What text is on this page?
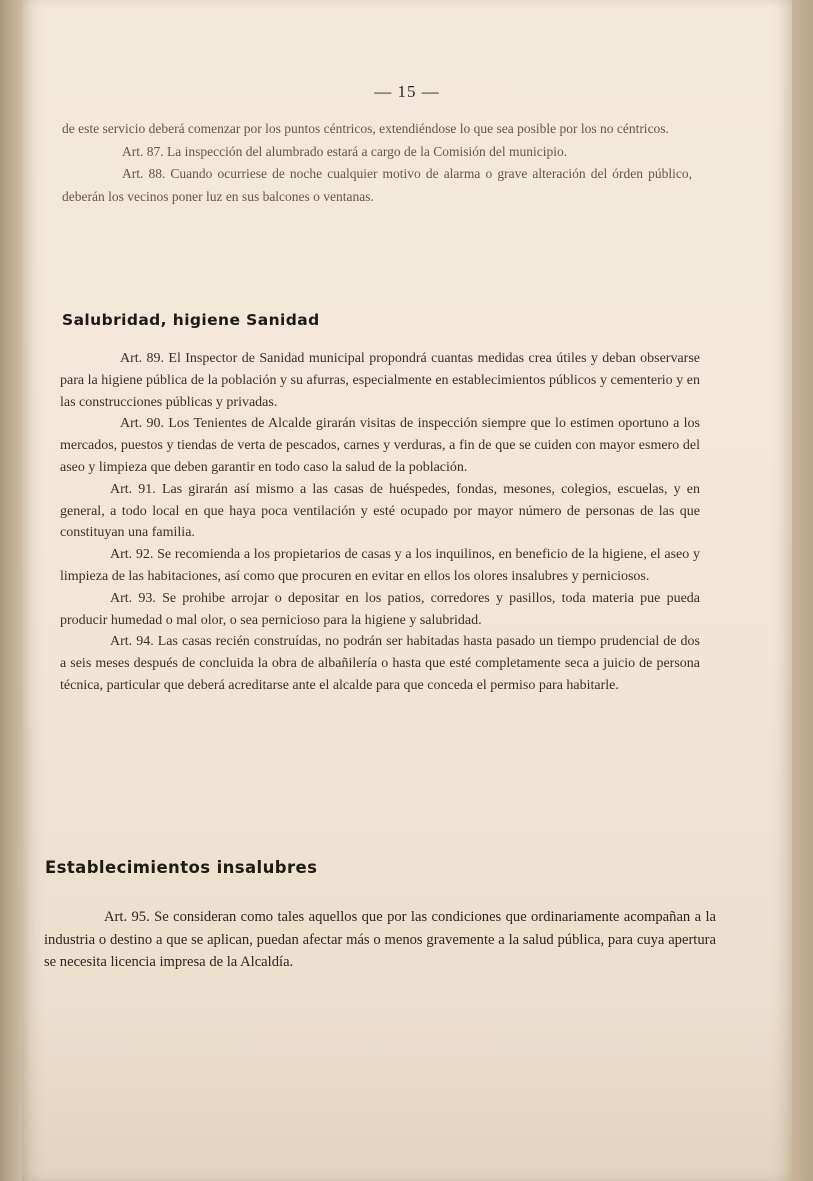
— 15 —

de este servicio deberá comenzar por los puntos céntricos, extendiéndose lo que sea posible por los no céntricos.

Art. 87. La inspección del alumbrado estará a cargo de la Comisión del municipio.

Art. 88. Cuando ocurriese de noche cualquier motivo de alarma o grave alteración del órden público, deberán los vecinos poner luz en sus balcones o ventanas.

Salubridad, higiene Sanidad

Art. 89. El Inspector de Sanidad municipal propondrá cuantas medidas crea útiles y deban observarse para la higiene pública de la población y su afurras, especialmente en establecimientos públicos y cementerio y en las construcciones públicas y privadas.

Art. 90. Los Tenientes de Alcalde girarán visitas de inspección siempre que lo estimen oportuno a los mercados, puestos y tiendas de verta de pescados, carnes y verduras, a fin de que se cuiden con mayor esmero del aseo y limpieza que deben garantir en todo caso la salud de la población.

Art. 91. Las girarán así mismo a las casas de huéspedes, fondas, mesones, colegios, escuelas, y en general, a todo local en que haya poca ventilación y esté ocupado por mayor número de personas de las que constituyan una familia.

Art. 92. Se recomienda a los propietarios de casas y a los inquilinos, en beneficio de la higiene, el aseo y limpieza de las habitaciones, así como que procuren en evitar en ellos los olores insalubres y perniciosos.

Art. 93. Se prohibe arrojar o depositar en los patios, corredores y pasillos, toda materia pue pueda producir humedad o mal olor, o sea pernicioso para la higiene y salubridad.

Art. 94. Las casas recién construídas, no podrán ser habitadas hasta pasado un tiempo prudencial de dos a seis meses después de concluida la obra de albañilería o hasta que esté completamente seca a juicio de persona técnica, particular que deberá acreditarse ante el alcalde para que conceda el permiso para habitarle.

Establecimientos insalubres

Art. 95. Se consideran como tales aquellos que por las condiciones que ordinariamente acompañan a la industria o destino a que se aplican, puedan afectar más o menos gravemente a la salud pública, para cuya apertura se necesita licencia impresa de la Alcaldía.
